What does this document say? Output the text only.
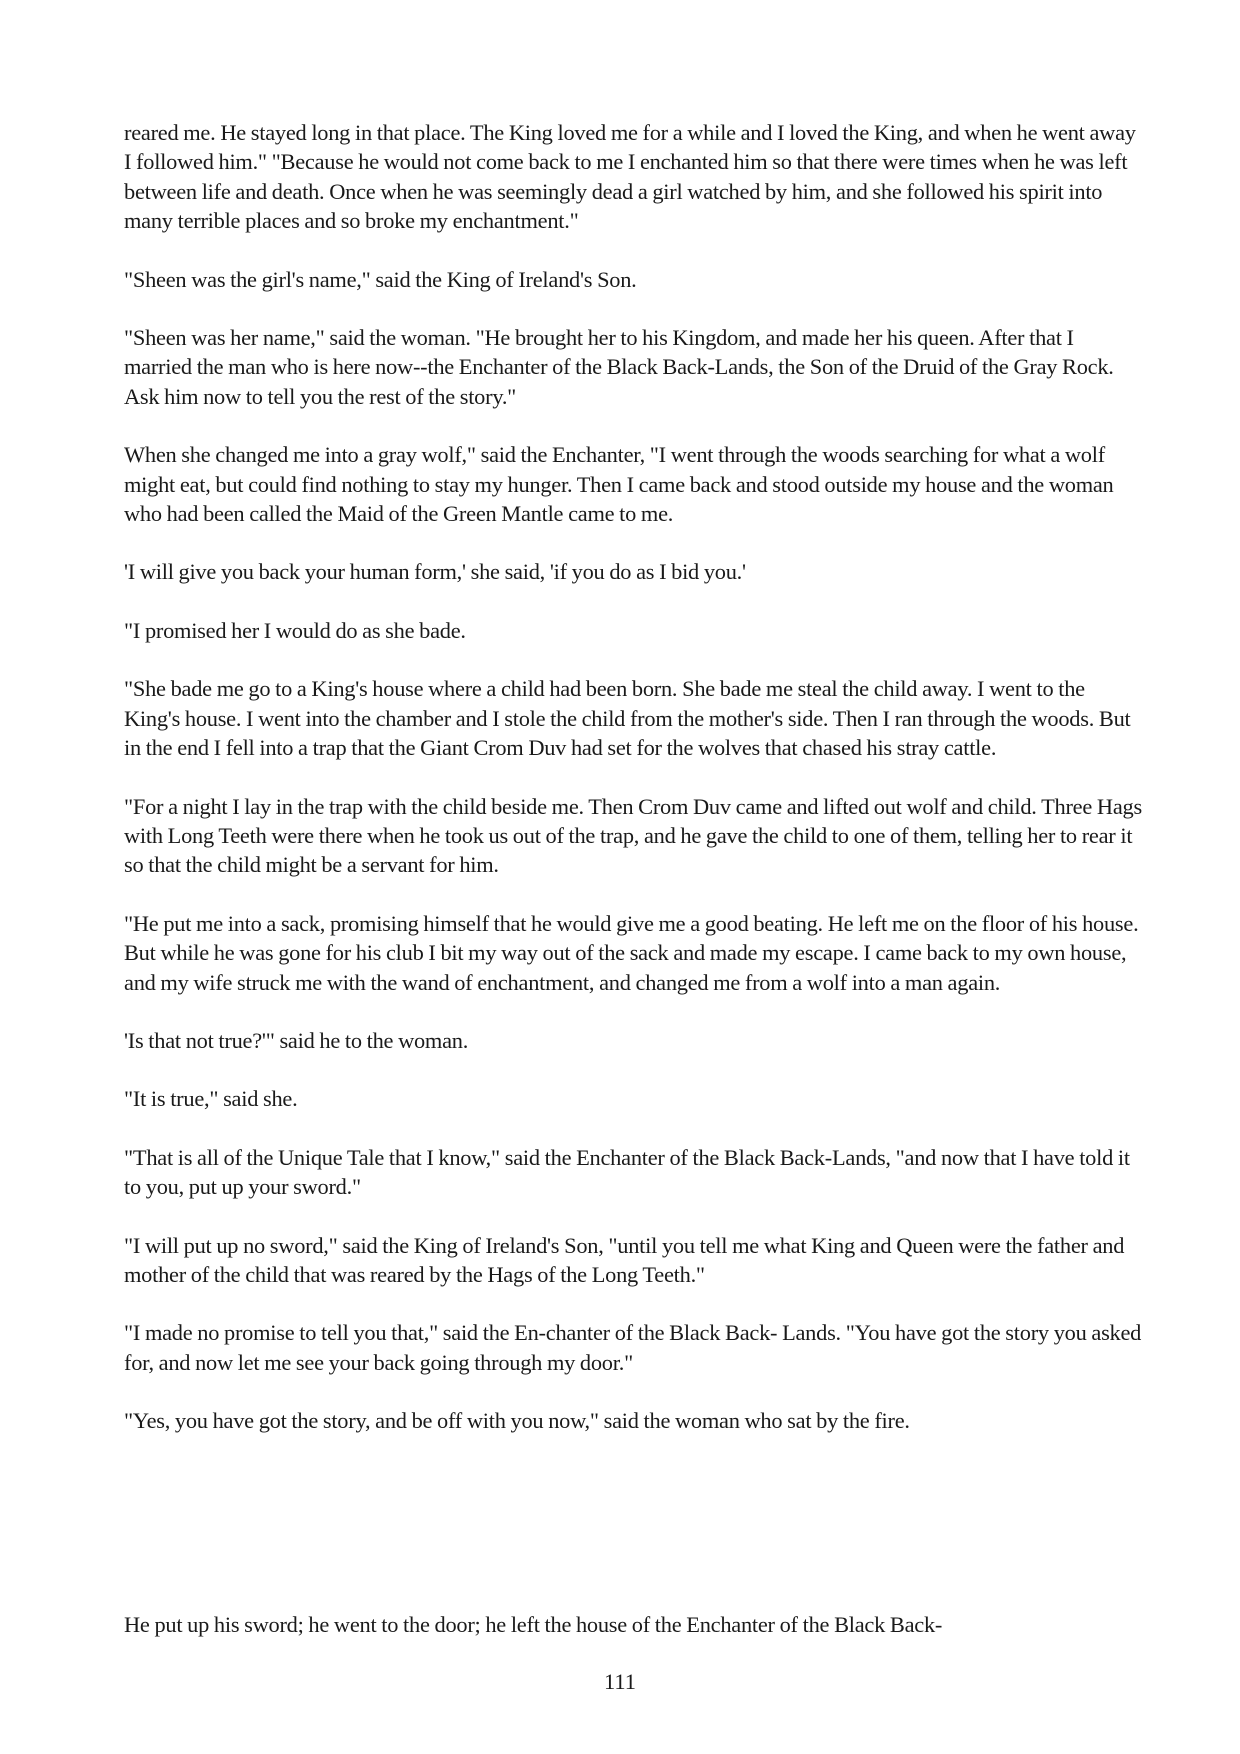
reared me. He stayed long in that place. The King loved me for a while and I loved the King, and when he went away I followed him." "Because he would not come back to me I enchanted him so that there were times when he was left between life and death. Once when he was seemingly dead a girl watched by him, and she followed his spirit into many terrible places and so broke my enchantment."

"Sheen was the girl's name," said the King of Ireland's Son.

"Sheen was her name," said the woman. "He brought her to his Kingdom, and made her his queen. After that I married the man who is here now--the Enchanter of the Black Back-Lands, the Son of the Druid of the Gray Rock. Ask him now to tell you the rest of the story."

When she changed me into a gray wolf," said the Enchanter, "I went through the woods searching for what a wolf might eat, but could find nothing to stay my hunger. Then I came back and stood outside my house and the woman who had been called the Maid of the Green Mantle came to me.

'I will give you back your human form,' she said, 'if you do as I bid you.'

"I promised her I would do as she bade.

"She bade me go to a King's house where a child had been born. She bade me steal the child away. I went to the King's house. I went into the chamber and I stole the child from the mother's side. Then I ran through the woods. But in the end I fell into a trap that the Giant Crom Duv had set for the wolves that chased his stray cattle.

"For a night I lay in the trap with the child beside me. Then Crom Duv came and lifted out wolf and child. Three Hags with Long Teeth were there when he took us out of the trap, and he gave the child to one of them, telling her to rear it so that the child might be a servant for him.

"He put me into a sack, promising himself that he would give me a good beating. He left me on the floor of his house. But while he was gone for his club I bit my way out of the sack and made my escape. I came back to my own house, and my wife struck me with the wand of enchantment, and changed me from a wolf into a man again.

'Is that not true?'" said he to the woman.

"It is true," said she.

"That is all of the Unique Tale that I know," said the Enchanter of the Black Back-Lands, "and now that I have told it to you, put up your sword."

"I will put up no sword," said the King of Ireland's Son, "until you tell me what King and Queen were the father and mother of the child that was reared by the Hags of the Long Teeth."

"I made no promise to tell you that," said the En-chanter of the Black Back- Lands. "You have got the story you asked for, and now let me see your back going through my door."

"Yes, you have got the story, and be off with you now," said the woman who sat by the fire.

He put up his sword; he went to the door; he left the house of the Enchanter of the Black Back-

111
